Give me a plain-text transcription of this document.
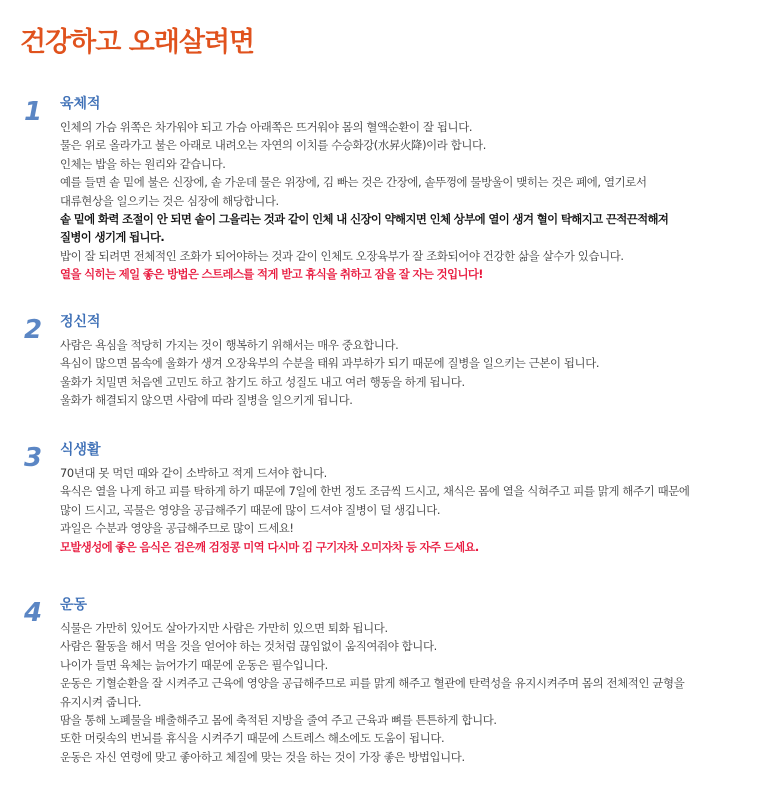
건강하고 오래살려면
1 육체적
인체의 가슴 위쪽은 차가워야 되고 가슴 아래쪽은 뜨거워야 몸의 혈액순환이 잘 됩니다.
물은 위로 올라가고 불은 아래로 내려오는 자연의 이치를 수승화강(水昇火降)이라 합니다.
인체는 밥을 하는 원리와 같습니다.
예를 들면 솥 밑에 불은 신장에, 솥 가운데 물은 위장에, 김 빠는 것은 간장에, 솥뚜껑에 물방울이 맺히는 것은 폐에, 열기로서
대류현상을 일으키는 것은 심장에 해당합니다.
솥 밑에 화력 조절이 안 되면 솥이 그을리는 것과 같이 인체 내 신장이 약해지면 인체 상부에 열이 생겨 혈이 탁해지고 끈적끈적해져
질병이 생기게 됩니다.
밥이 잘 되려면 전체적인 조화가 되어야하는 것과 같이 인체도 오장육부가 잘 조화되어야 건강한 삶을 살수가 있습니다.
열을 식히는 제일 좋은 방법은 스트레스를 적게 받고 휴식을 취하고 잠을 잘 자는 것입니다!
2 정신적
사람은 욕심을 적당히 가지는 것이 행복하기 위해서는 매우 중요합니다.
욕심이 많으면 몸속에 울화가 생겨 오장육부의 수분을 태워 과부하가 되기 때문에 질병을 일으키는 근본이 됩니다.
울화가 치밀면 처음엔 고민도 하고 참기도 하고 성질도 내고 여러 행동을 하게 됩니다.
울화가 해결되지 않으면 사람에 따라 질병을 일으키게 됩니다.
3 식생활
70년대 못 먹던 때와 같이 소박하고 적게 드셔야 합니다.
육식은 열을 나게 하고 피를 탁하게 하기 때문에 7일에 한번 정도 조금씩 드시고, 채식은 몸에 열을 식혀주고 피를 맑게 해주기 때문에
많이 드시고, 곡물은 영양을 공급해주기 때문에 많이 드셔야 질병이 덜 생깁니다.
과일은 수분과 영양을 공급해주므로 많이 드세요!
모발생성에 좋은 음식은 검은깨 검정콩 미역 다시마 김 구기자차 오미자차 등 자주 드세요.
4 운동
식물은 가만히 있어도 살아가지만 사람은 가만히 있으면 퇴화 됩니다.
사람은 활동을 해서 먹을 것을 얻어야 하는 것처럼 끊임없이 움직여줘야 합니다.
나이가 들면 육체는 늙어가기 때문에 운동은 필수입니다.
운동은 기혈순환을 잘 시켜주고 근육에 영양을 공급해주므로 피를 맑게 해주고 혈관에 탄력성을 유지시켜주며 몸의 전체적인 균형을
유지시켜 줍니다.
땀을 통해 노폐물을 배출해주고 몸에 축적된 지방을 줄여 주고 근육과 뼈를 튼튼하게 합니다.
또한 머릿속의 번뇌를 휴식을 시켜주기 때문에 스트레스 해소에도 도움이 됩니다.
운동은 자신 연령에 맞고 좋아하고 체질에 맞는 것을 하는 것이 가장 좋은 방법입니다.
